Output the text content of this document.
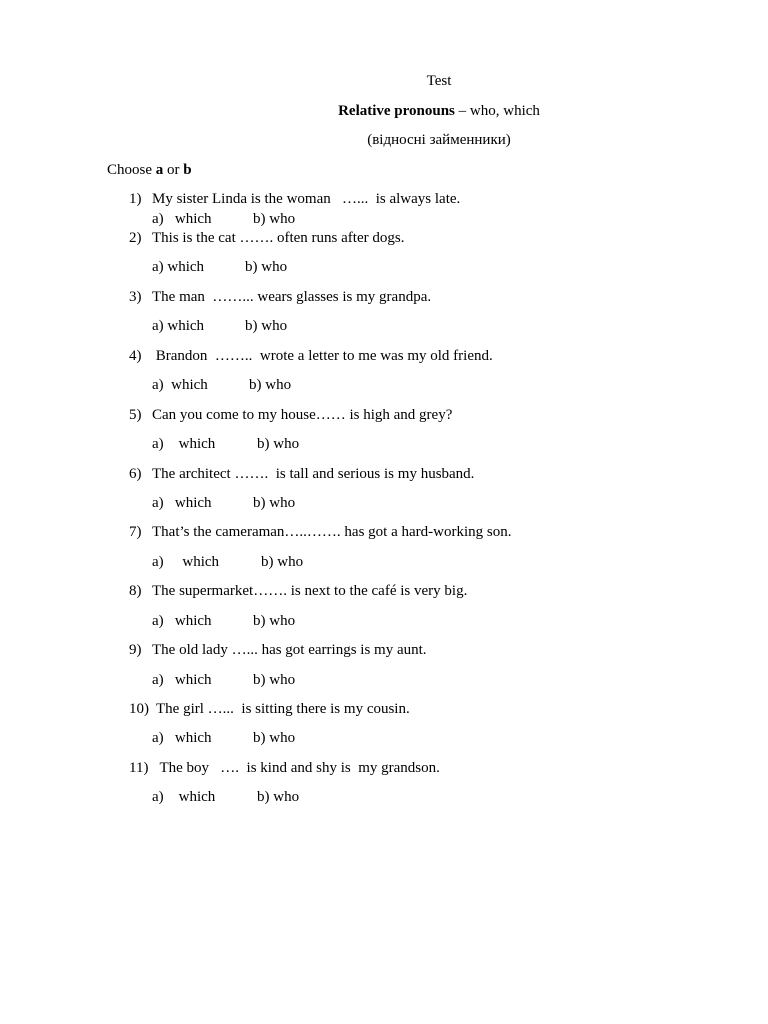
Test
Relative pronouns – who, which
(відносні займенники)
Choose a or b
1) My sister Linda is the woman   …...  is always late.
a)   which	b) who
2) This is the cat ……. often runs after dogs.
a) which	b) who
3) The man  ……... wears glasses is my grandpa.
a) which	b) who
4) Brandon  ……..  wrote a letter to me was my old friend.
a)  which	b) who
5) Can you come to my house…… is high and grey?
a)    which	b) who
6) The architect …….  is tall and serious is my husband.
a)   which	b) who
7) That’s the cameraman…..……. has got a hard-working son.
a)     which	b) who
8) The supermarket……. is next to the café is very big.
a)   which	b) who
9) The old lady …... has got earrings is my aunt.
a)   which	b) who
10) The girl …...  is sitting there is my cousin.
a)   which	b) who
11) The boy   ….  is kind and shy is  my grandson.
a)    which	b) who
